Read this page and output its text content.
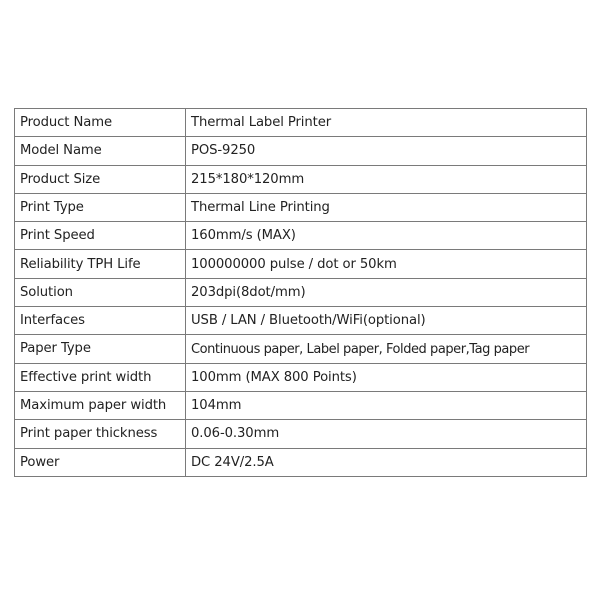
Product Name	Thermal Label Printer
Model Name	POS-9250
Product Size	215*180*120mm
Print Type	Thermal Line Printing
Print Speed	160mm/s (MAX)
Reliability TPH Life	100000000 pulse / dot or 50km
Solution	203dpi(8dot/mm)
Interfaces	USB / LAN / Bluetooth/WiFi(optional)
Paper Type	Continuous paper, Label paper, Folded paper,Tag paper
Effective print width	100mm (MAX 800 Points)
Maximum paper width	104mm
Print paper thickness	0.06-0.30mm
Power	DC 24V/2.5A
